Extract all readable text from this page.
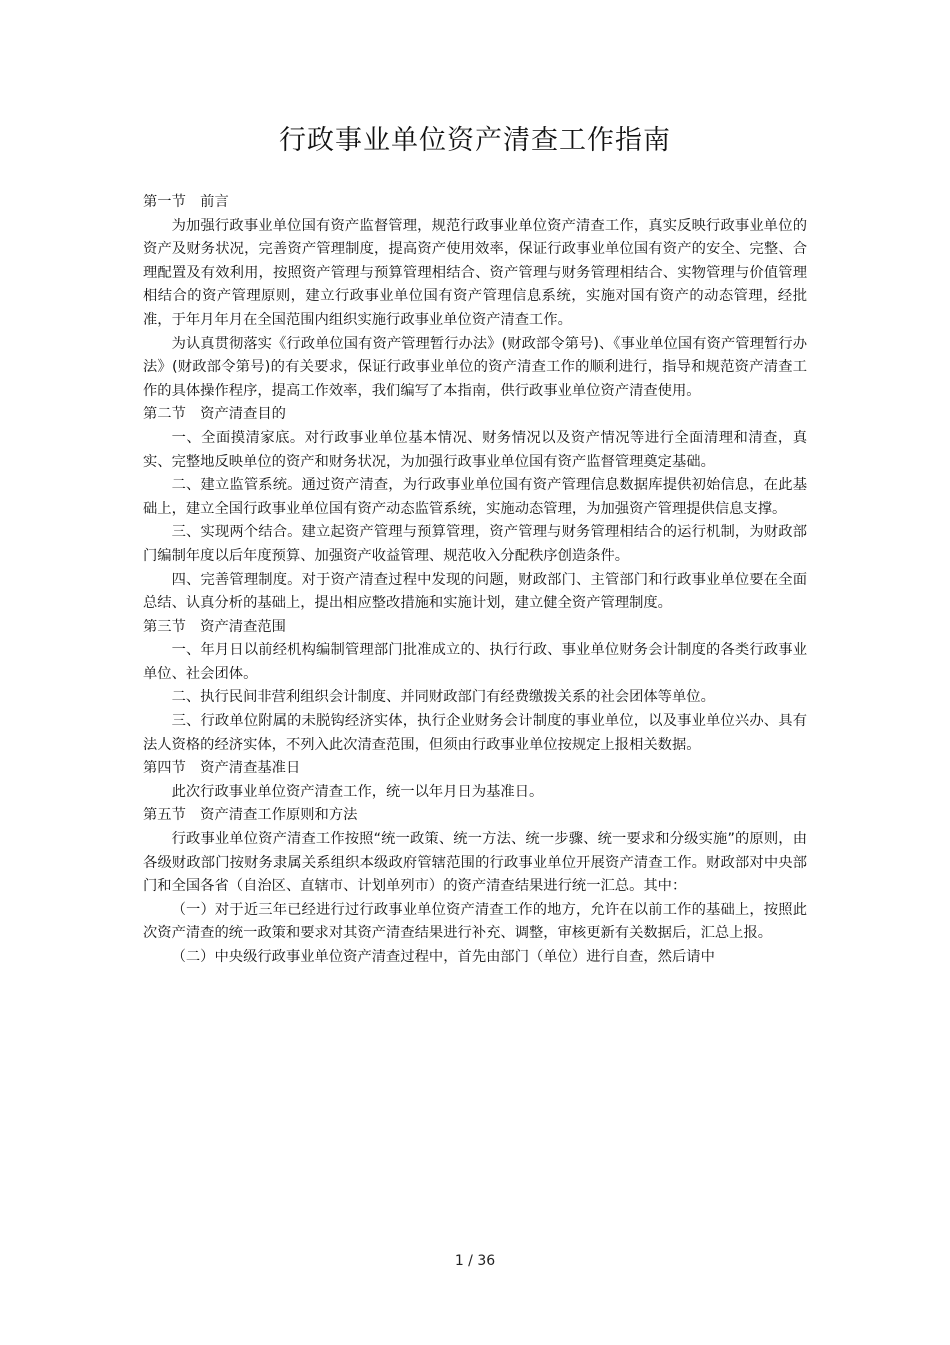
行政事业单位资产清查工作指南

第一节　前言

为加强行政事业单位国有资产监督管理，规范行政事业单位资产清查工作，真实反映行政事业单位的资产及财务状况，完善资产管理制度，提高资产使用效率，保证行政事业单位国有资产的安全、完整、合理配置及有效利用，按照资产管理与预算管理相结合、资产管理与财务管理相结合、实物管理与价值管理相结合的资产管理原则，建立行政事业单位国有资产管理信息系统，实施对国有资产的动态管理，经批准，于年月年月在全国范围内组织实施行政事业单位资产清查工作。

为认真贯彻落实《行政单位国有资产管理暂行办法》(财政部令第号)、《事业单位国有资产管理暂行办法》(财政部令第号)的有关要求，保证行政事业单位的资产清查工作的顺利进行，指导和规范资产清查工作的具体操作程序，提高工作效率，我们编写了本指南，供行政事业单位资产清查使用。

第二节　资产清查目的

一、全面摸清家底。对行政事业单位基本情况、财务情况以及资产情况等进行全面清理和清查，真实、完整地反映单位的资产和财务状况，为加强行政事业单位国有资产监督管理奠定基础。

二、建立监管系统。通过资产清查，为行政事业单位国有资产管理信息数据库提供初始信息，在此基础上，建立全国行政事业单位国有资产动态监管系统，实施动态管理，为加强资产管理提供信息支撑。

三、实现两个结合。建立起资产管理与预算管理，资产管理与财务管理相结合的运行机制，为财政部门编制年度以后年度预算、加强资产收益管理、规范收入分配秩序创造条件。

四、完善管理制度。对于资产清查过程中发现的问题，财政部门、主管部门和行政事业单位要在全面总结、认真分析的基础上，提出相应整改措施和实施计划，建立健全资产管理制度。

第三节　资产清查范围

一、年月日以前经机构编制管理部门批准成立的、执行行政、事业单位财务会计制度的各类行政事业单位、社会团体。

二、执行民间非营利组织会计制度、并同财政部门有经费缴拨关系的社会团体等单位。

三、行政单位附属的未脱钩经济实体，执行企业财务会计制度的事业单位，以及事业单位兴办、具有法人资格的经济实体，不列入此次清查范围，但须由行政事业单位按规定上报相关数据。

第四节　资产清查基准日

此次行政事业单位资产清查工作，统一以年月日为基准日。

第五节　资产清查工作原则和方法

行政事业单位资产清查工作按照“统一政策、统一方法、统一步骤、统一要求和分级实施”的原则，由各级财政部门按财务隶属关系组织本级政府管辖范围的行政事业单位开展资产清查工作。财政部对中央部门和全国各省（自治区、直辖市、计划单列市）的资产清查结果进行统一汇总。其中：

（一）对于近三年已经进行过行政事业单位资产清查工作的地方，允许在以前工作的基础上，按照此次资产清查的统一政策和要求对其资产清查结果进行补充、调整，审核更新有关数据后，汇总上报。

（二）中央级行政事业单位资产清查过程中，首先由部门（单位）进行自查，然后请中

1 / 36
